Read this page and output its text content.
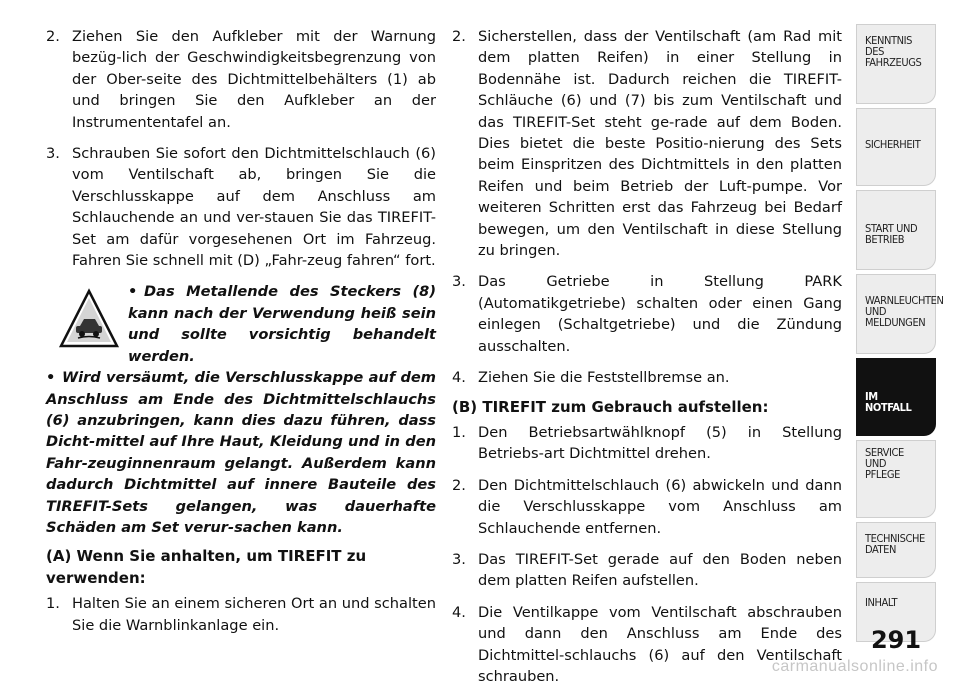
2. Ziehen Sie den Aufkleber mit der Warnung bezüg-lich der Geschwindigkeitsbegrenzung von der Ober-seite des Dichtmittelbehälters (1) ab und bringen Sie den Aufkleber an der Instrumententafel an.
3. Schrauben Sie sofort den Dichtmittelschlauch (6) vom Ventilschaft ab, bringen Sie die Verschlusskappe auf dem Anschluss am Schlauchende an und ver-stauen Sie das TIREFIT-Set am dafür vorgesehenen Ort im Fahrzeug. Fahren Sie schnell mit (D) „Fahr-zeug fahren“ fort.
• Das Metallende des Steckers (8) kann nach der Verwendung heiß sein und sollte vorsichtig behandelt werden.
• Wird versäumt, die Verschlusskappe auf dem Anschluss am Ende des Dichtmittelschlauchs (6) anzubringen, kann dies dazu führen, dass Dicht-mittel auf Ihre Haut, Kleidung und in den Fahr-zeuginnenraum gelangt. Außerdem kann dadurch Dichtmittel auf innere Bauteile des TIREFIT-Sets gelangen, was dauerhafte Schäden am Set verur-sachen kann.
(A) Wenn Sie anhalten, um TIREFIT zu verwenden:
1. Halten Sie an einem sicheren Ort an und schalten Sie die Warnblinkanlage ein.
2. Sicherstellen, dass der Ventilschaft (am Rad mit dem platten Reifen) in einer Stellung in Bodennähe ist. Dadurch reichen die TIREFIT-Schläuche (6) und (7) bis zum Ventilschaft und das TIREFIT-Set steht ge-rade auf dem Boden. Dies bietet die beste Positio-nierung des Sets beim Einspritzen des Dichtmittels in den platten Reifen und beim Betrieb der Luft-pumpe. Vor weiteren Schritten erst das Fahrzeug bei Bedarf bewegen, um den Ventilschaft in diese Stellung zu bringen.
3. Das Getriebe in Stellung PARK (Automatikgetriebe) schalten oder einen Gang einlegen (Schaltgetriebe) und die Zündung ausschalten.
4. Ziehen Sie die Feststellbremse an.
(B) TIREFIT zum Gebrauch aufstellen:
1. Den Betriebsartwählknopf (5) in Stellung Betriebs-art Dichtmittel drehen.
2. Den Dichtmittelschlauch (6) abwickeln und dann die Verschlusskappe vom Anschluss am Schlauchende entfernen.
3. Das TIREFIT-Set gerade auf den Boden neben dem platten Reifen aufstellen.
4. Die Ventilkappe vom Ventilschaft abschrauben und dann den Anschluss am Ende des Dichtmittel-schlauchs (6) auf den Ventilschaft schrauben.
KENNTNIS
DES
FAHRZEUGS
SICHERHEIT
START UND
BETRIEB
WARNLEUCHTEN
UND
MELDUNGEN
IM NOTFALL
SERVICE
UND
PFLEGE
TECHNISCHE
DATEN
INHALT
291
carmanualsonline.info
